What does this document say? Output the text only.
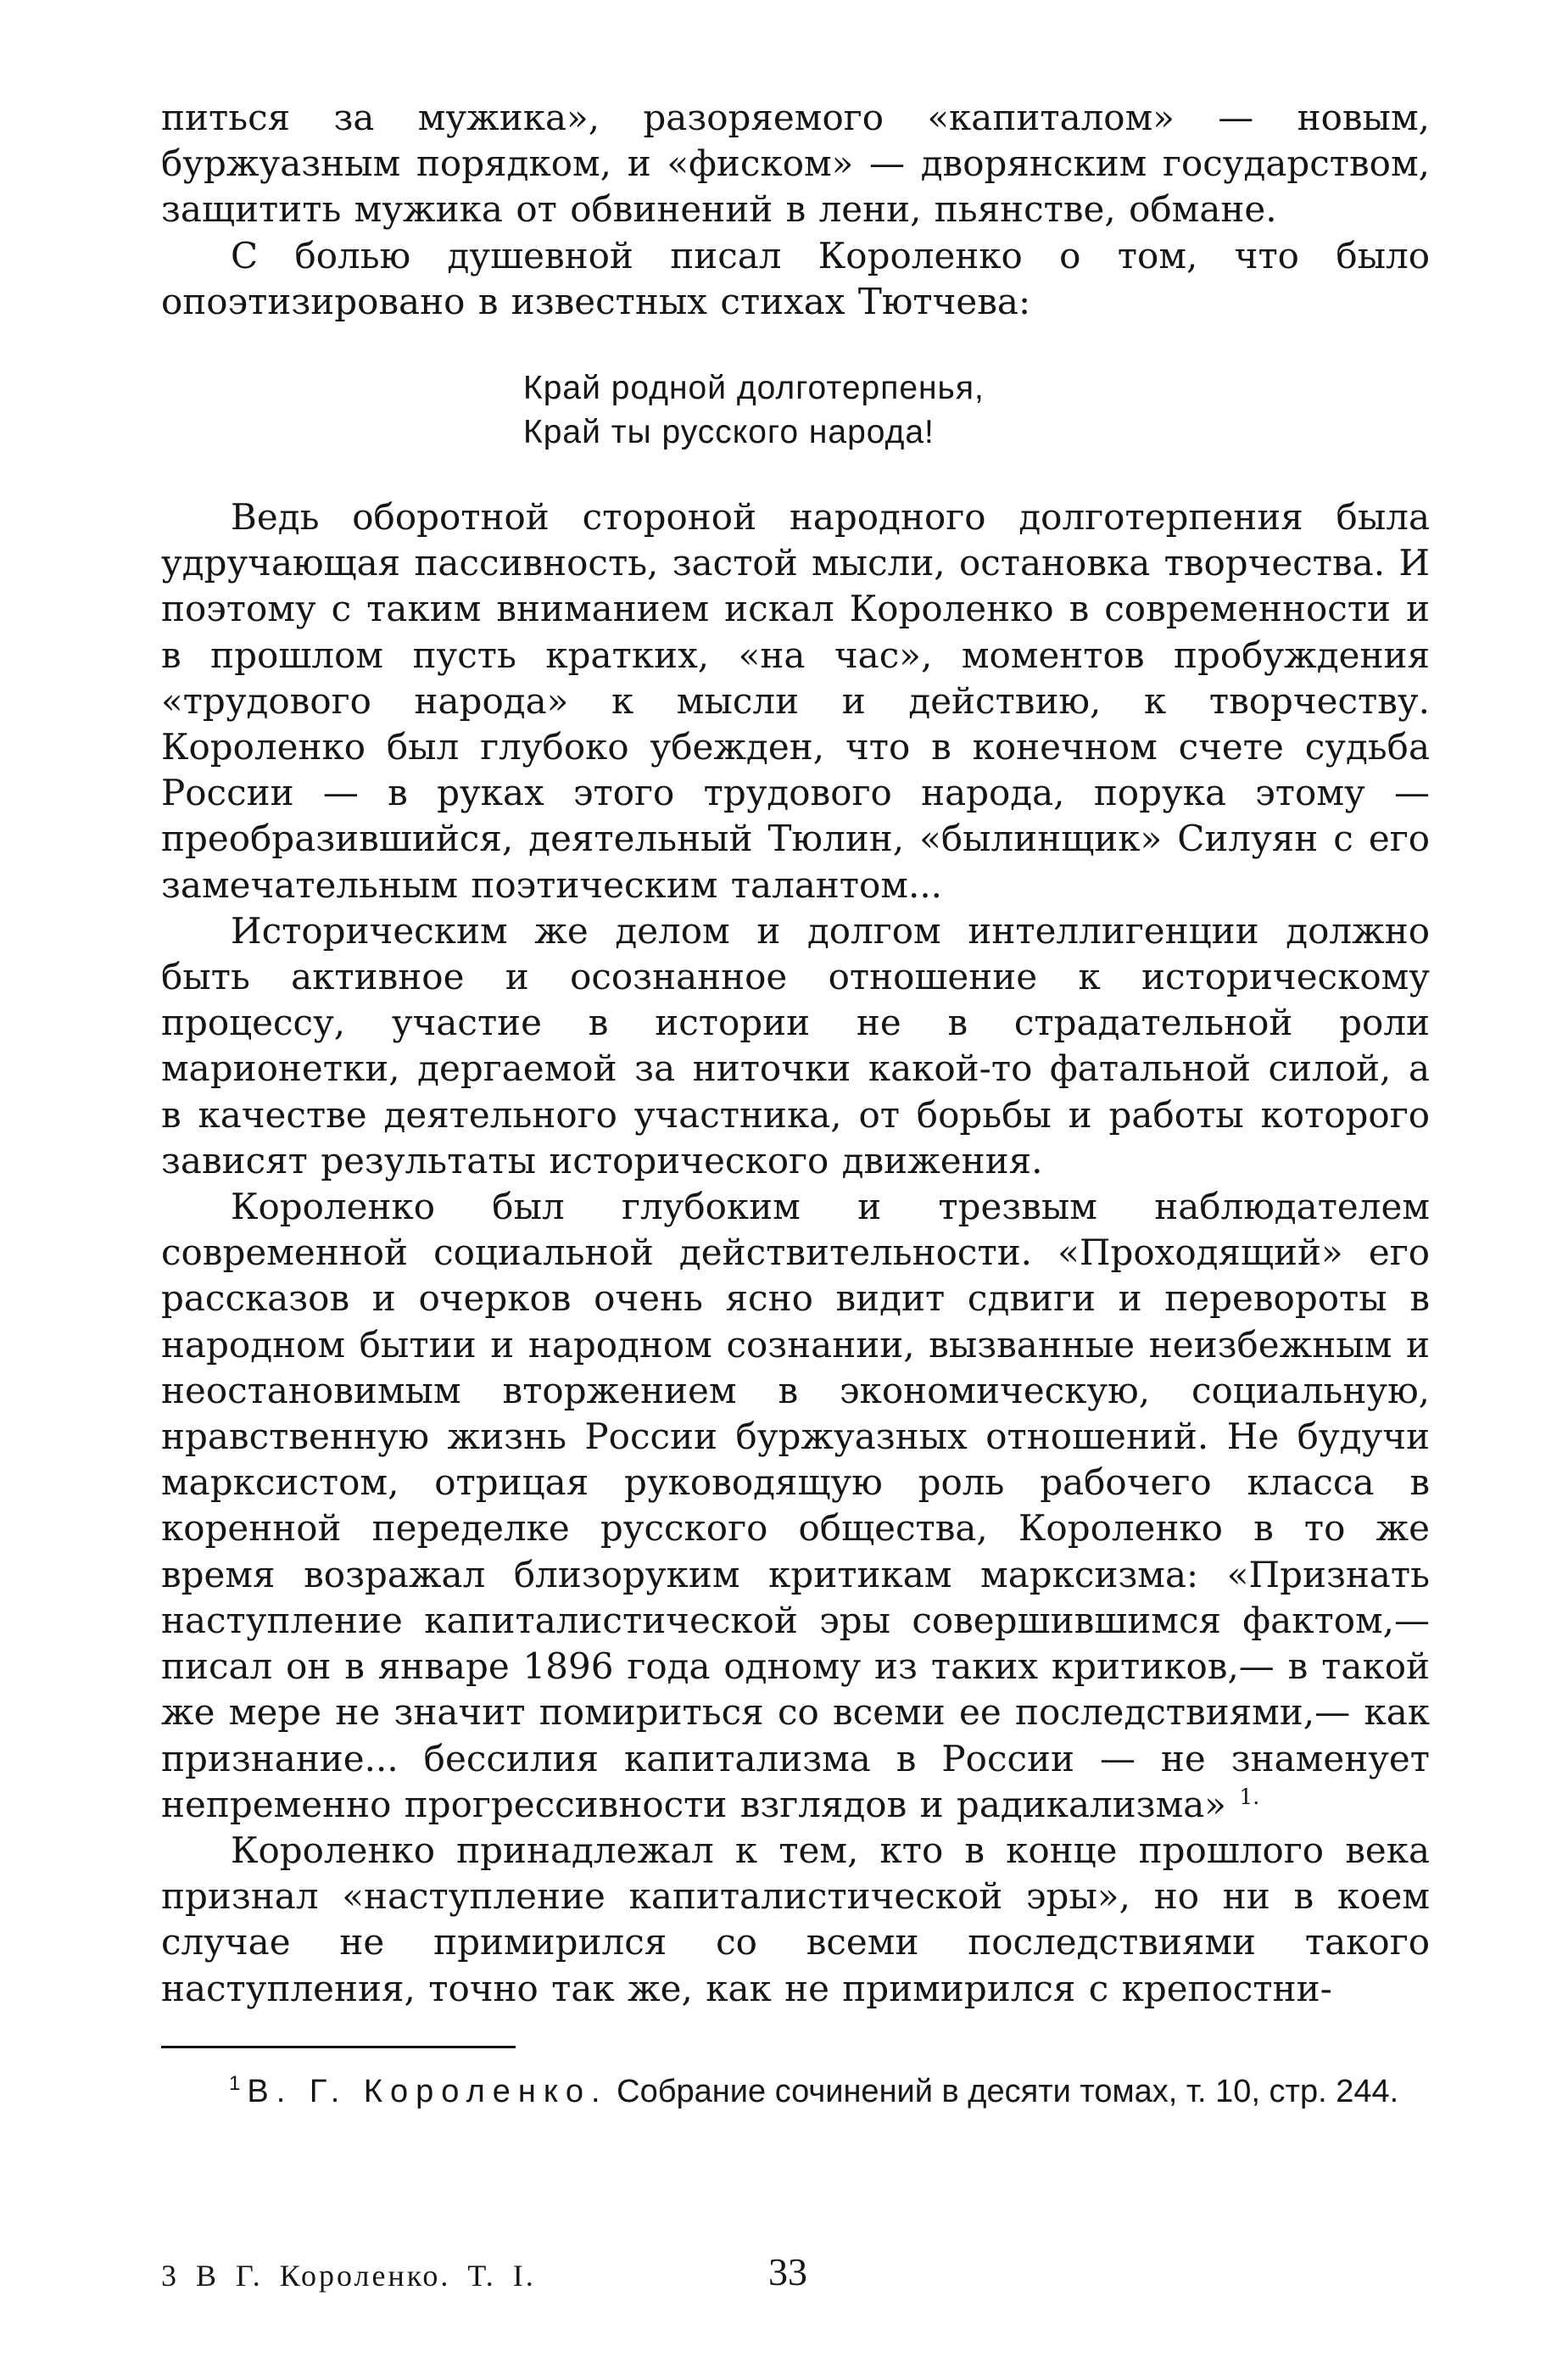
питься за мужика», разоряемого «капиталом» — новым, буржуазным порядком, и «фиском» — дворянским государством, защитить мужика от обвинений в лени, пьянстве, обмане.

С болью душевной писал Короленко о том, что было опоэтизировано в известных стихах Тютчева:

Край родной долготерпенья,
Край ты русского народа!

Ведь оборотной стороной народного долготерпения была удручающая пассивность, застой мысли, остановка творчества. И поэтому с таким вниманием искал Короленко в современности и в прошлом пусть кратких, «на час», моментов пробуждения «трудового народа» к мысли и действию, к творчеству. Короленко был глубоко убежден, что в конечном счете судьба России — в руках этого трудового народа, порука этому — преобразившийся, деятельный Тюлин, «былинщик» Силуян с его замечательным поэтическим талантом...

Историческим же делом и долгом интеллигенции должно быть активное и осознанное отношение к историческому процессу, участие в истории не в страдательной роли марионетки, дергаемой за ниточки какой-то фатальной силой, а в качестве деятельного участника, от борьбы и работы которого зависят результаты исторического движения.

Короленко был глубоким и трезвым наблюдателем современной социальной действительности. «Проходящий» его рассказов и очерков очень ясно видит сдвиги и перевороты в народном бытии и народном сознании, вызванные неизбежным и неостановимым вторжением в экономическую, социальную, нравственную жизнь России буржуазных отношений. Не будучи марксистом, отрицая руководящую роль рабочего класса в коренной переделке русского общества, Короленко в то же время возражал близоруким критикам марксизма: «Признать наступление капиталистической эры совершившимся фактом,— писал он в январе 1896 года одному из таких критиков,— в такой же мере не значит помириться со всеми ее последствиями,— как признание... бессилия капитализма в России — не знаменует непременно прогрессивности взглядов и радикализма» $^{1.}$

Короленко принадлежал к тем, кто в конце прошлого века признал «наступление капиталистической эры», но ни в коем случае не примирился со всеми последствиями такого наступления, точно так же, как не примирился с крепостни-

$^1$ В. Г. Короленко. Собрание сочинений в десяти томах, т. 10, стр. 244.

3 В Г. Короленко. Т. I.	33
